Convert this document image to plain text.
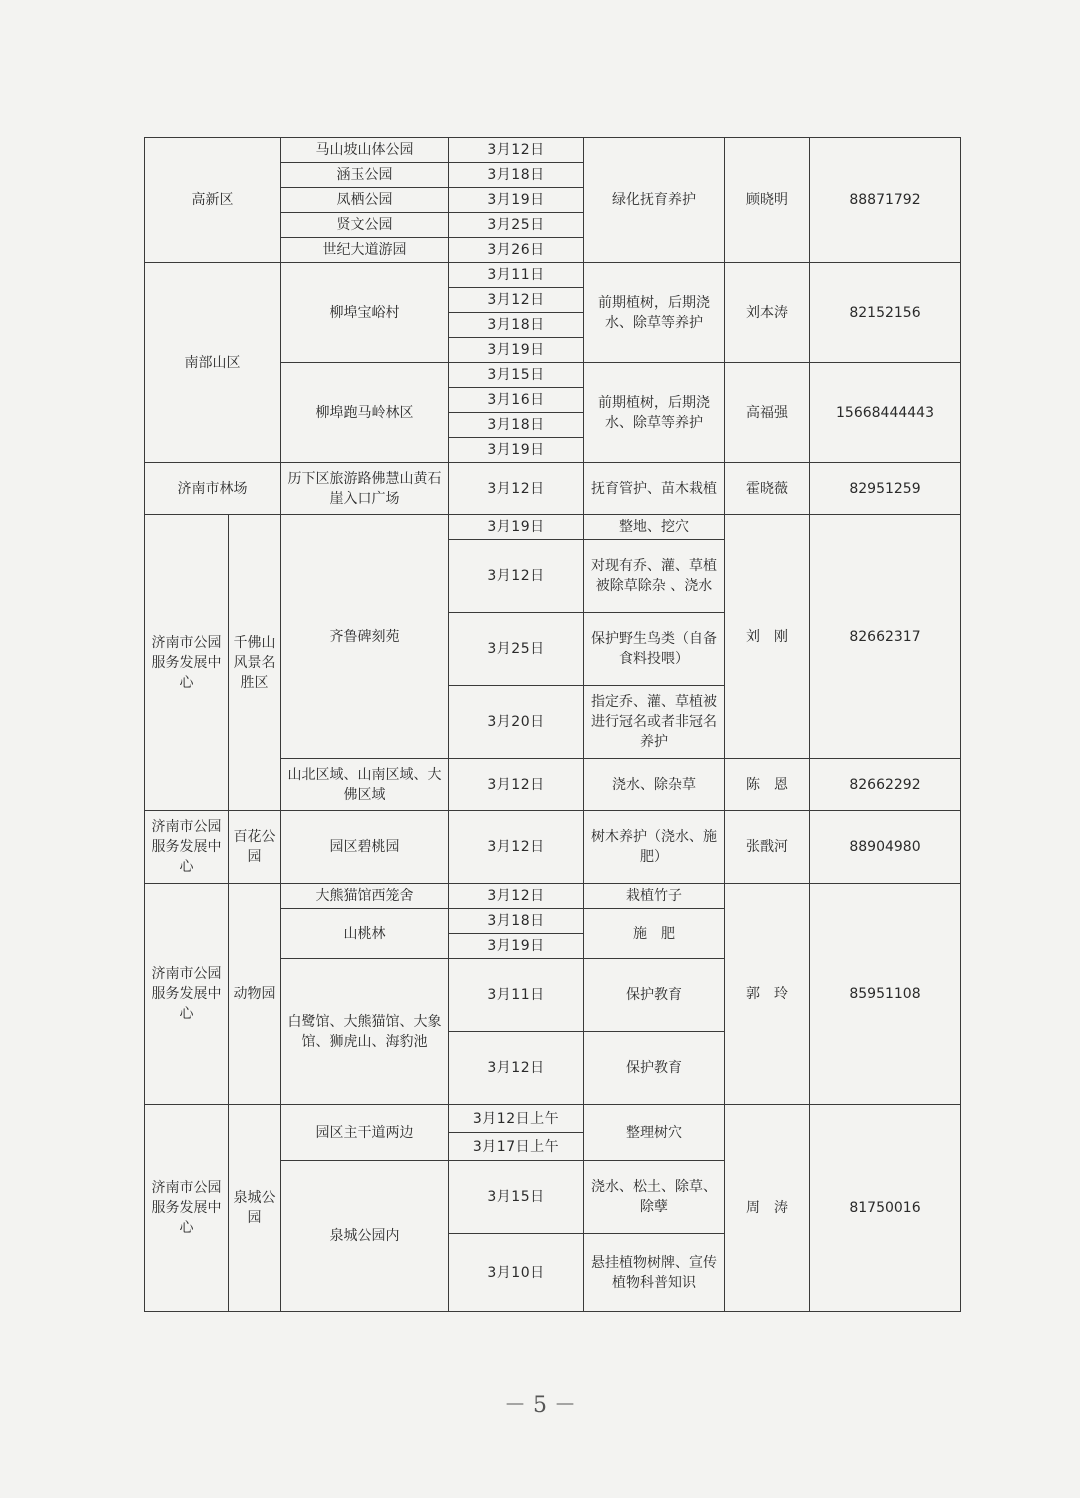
高新区		马山坡山体公园	3月12日	绿化抚育养护	顾晓明	88871792
		涵玉公园	3月18日			
		凤栖公园	3月19日			
		贤文公园	3月25日			
		世纪大道游园	3月26日			
南部山区		柳埠宝峪村	3月11日	前期植树，后期浇水、除草等养护	刘本涛	82152156
			3月12日			
			3月18日			
			3月19日			
		柳埠跑马岭林区	3月15日	前期植树，后期浇水、除草等养护	高福强	15668444443
			3月16日			
			3月18日			
			3月19日			
济南市林场		历下区旅游路佛慧山黄石崖入口广场	3月12日	抚育管护、苗木栽植	霍晓薇	82951259
济南市公园服务发展中心	千佛山风景名胜区	齐鲁碑刻苑	3月19日	整地、挖穴	刘　刚	82662317
			3月12日	对现有乔、灌、草植被除草除杂 、浇水		
			3月25日	保护野生鸟类（自备食料投喂）		
			3月20日	指定乔、灌、草植被进行冠名或者非冠名养护		
		山北区域、山南区域、大佛区域	3月12日	浇水、除杂草	陈　恩	82662292
济南市公园服务发展中心	百花公园	园区碧桃园	3月12日	树木养护（浇水、施肥）	张戬河	88904980
济南市公园服务发展中心	动物园	大熊猫馆西笼舍	3月12日	栽植竹子	郭　玲	85951108
		山桃林	3月18日	施　肥		
			3月19日			
		白鹭馆、大熊猫馆、大象馆、狮虎山、海豹池	3月11日	保护教育		
			3月12日	保护教育		
济南市公园服务发展中心	泉城公园	园区主干道两边	3月12日上午	整理树穴	周　涛	81750016
			3月17日上午			
		泉城公园内	3月15日	浇水、松土、除草、除孽		
			3月10日	悬挂植物树牌、宣传植物科普知识		
－ 5 －
